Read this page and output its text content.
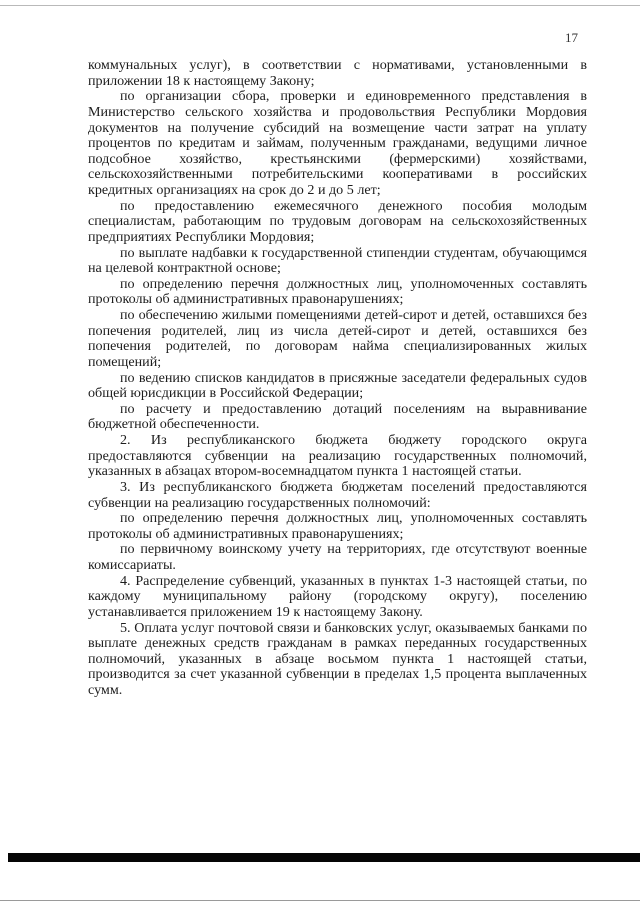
17

коммунальных услуг), в соответствии с нормативами, установленными в приложении 18 к настоящему Закону;

по организации сбора, проверки и единовременного представления в Министерство сельского хозяйства и продовольствия Республики Мордовия документов на получение субсидий на возмещение части затрат на уплату процентов по кредитам и займам, полученным гражданами, ведущими личное подсобное хозяйство, крестьянскими (фермерскими) хозяйствами, сельскохозяйственными потребительскими кооперативами в российских кредитных организациях на срок до 2 и до 5 лет;

по предоставлению ежемесячного денежного пособия молодым специалистам, работающим по трудовым договорам на сельскохозяйственных предприятиях Республики Мордовия;

по выплате надбавки к государственной стипендии студентам, обучающимся на целевой контрактной основе;

по определению перечня должностных лиц, уполномоченных составлять протоколы об административных правонарушениях;

по обеспечению жилыми помещениями детей-сирот и детей, оставшихся без попечения родителей, лиц из числа детей-сирот и детей, оставшихся без попечения родителей, по договорам найма специализированных жилых помещений;

по ведению списков кандидатов в присяжные заседатели федеральных судов общей юрисдикции в Российской Федерации;

по расчету и предоставлению дотаций поселениям на выравнивание бюджетной обеспеченности.

2. Из республиканского бюджета бюджету городского округа предоставляются субвенции на реализацию государственных полномочий, указанных в абзацах втором-восемнадцатом пункта 1 настоящей статьи.

3. Из республиканского бюджета бюджетам поселений предоставляются субвенции на реализацию государственных полномочий:

по определению перечня должностных лиц, уполномоченных составлять протоколы об административных правонарушениях;

по первичному воинскому учету на территориях, где отсутствуют военные комиссариаты.

4. Распределение субвенций, указанных в пунктах 1-3 настоящей статьи, по каждому муниципальному району (городскому округу), поселению устанавливается приложением 19 к настоящему Закону.

5. Оплата услуг почтовой связи и банковских услуг, оказываемых банками по выплате денежных средств гражданам в рамках переданных государственных полномочий, указанных в абзаце восьмом пункта 1 настоящей статьи, производится за счет указанной субвенции в пределах 1,5 процента выплаченных сумм.
